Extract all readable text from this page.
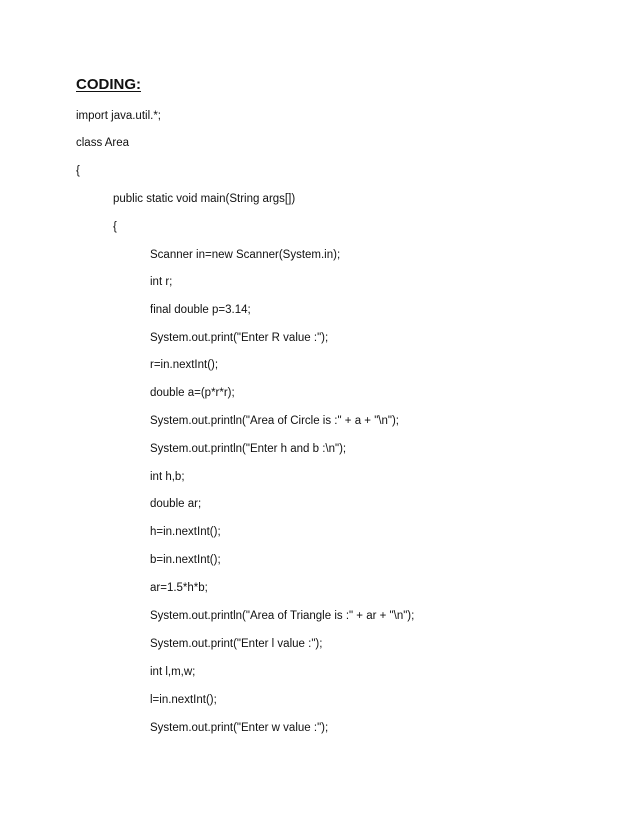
CODING:
import java.util.*;
class Area
{
public static void main(String args[])
{
Scanner in=new Scanner(System.in);
int r;
final double p=3.14;
System.out.print("Enter R value :");
r=in.nextInt();
double a=(p*r*r);
System.out.println("Area of Circle is :" + a + "\n");
System.out.println("Enter h and b :\n");
int h,b;
double ar;
h=in.nextInt();
b=in.nextInt();
ar=1.5*h*b;
System.out.println("Area of Triangle is :" + ar + "\n");
System.out.print("Enter l value :");
int l,m,w;
l=in.nextInt();
System.out.print("Enter w value :");
